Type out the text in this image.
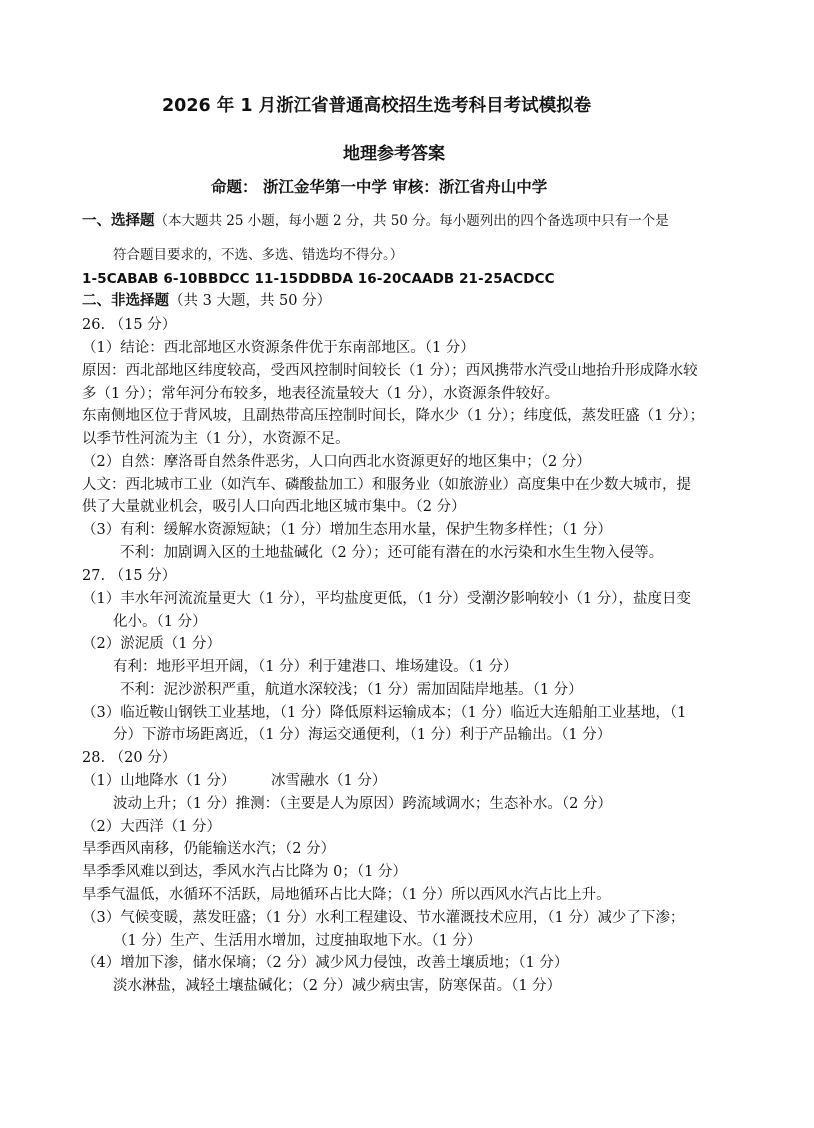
2026 年 1 月浙江省普通高校招生选考科目考试模拟卷
地理参考答案
命题： 浙江金华第一中学 审核：浙江省舟山中学
一、选择题（本大题共 25 小题，每小题 2 分，共 50 分。每小题列出的四个备选项中只有一个是
符合题目要求的，不选、多选、错选均不得分。）
1-5CABAB 6-10BBDCC 11-15DDBDA 16-20CAADB 21-25ACDCC
二、非选择题（共 3 大题，共 50 分）
26. （15 分）
（1）结论：西北部地区水资源条件优于东南部地区。（1 分）
原因：西北部地区纬度较高，受西风控制时间较长（1 分）；西风携带水汽受山地抬升形成降水较
多（1 分）；常年河分布较多，地表径流量较大（1 分），水资源条件较好。
东南侧地区位于背风坡，且副热带高压控制时间长，降水少（1 分）；纬度低，蒸发旺盛（1 分）；
以季节性河流为主（1 分），水资源不足。
（2）自然：摩洛哥自然条件恶劣，人口向西北水资源更好的地区集中；（2 分）
人文：西北城市工业（如汽车、磷酸盐加工）和服务业（如旅游业）高度集中在少数大城市，提
供了大量就业机会，吸引人口向西北地区城市集中。（2 分）
（3）有利：缓解水资源短缺；（1 分）增加生态用水量，保护生物多样性；（1 分）
不利：加剧调入区的土地盐碱化（2 分）；还可能有潜在的水污染和水生生物入侵等。
27. （15 分）
（1）丰水年河流流量更大（1 分），平均盐度更低，（1 分）受潮汐影响较小（1 分），盐度日变
化小。（1 分）
（2）淤泥质（1 分）
有利：地形平坦开阔，（1 分）利于建港口、堆场建设。（1 分）
不利：泥沙淤积严重，航道水深较浅；（1 分）需加固陆岸地基。（1 分）
（3）临近鞍山钢铁工业基地，（1 分）降低原料运输成本；（1 分）临近大连船舶工业基地，（1
分）下游市场距离近，（1 分）海运交通便利，（1 分）利于产品输出。（1 分）
28. （20 分）
（1）山地降水（1 分） 冰雪融水（1 分）
波动上升；（1 分）推测：（主要是人为原因）跨流域调水；生态补水。（2 分）
（2）大西洋（1 分）
旱季西风南移，仍能输送水汽；（2 分）
旱季季风难以到达，季风水汽占比降为 0；（1 分）
旱季气温低，水循环不活跃，局地循环占比大降；（1 分）所以西风水汽占比上升。
（3）气候变暖，蒸发旺盛；（1 分）水利工程建设、节水灌溉技术应用，（1 分）减少了下渗；
（1 分）生产、生活用水增加，过度抽取地下水。（1 分）
（4）增加下渗，储水保墒；（2 分）减少风力侵蚀，改善土壤质地；（1 分）
淡水淋盐，减轻土壤盐碱化；（2 分）减少病虫害，防寒保苗。（1 分）
